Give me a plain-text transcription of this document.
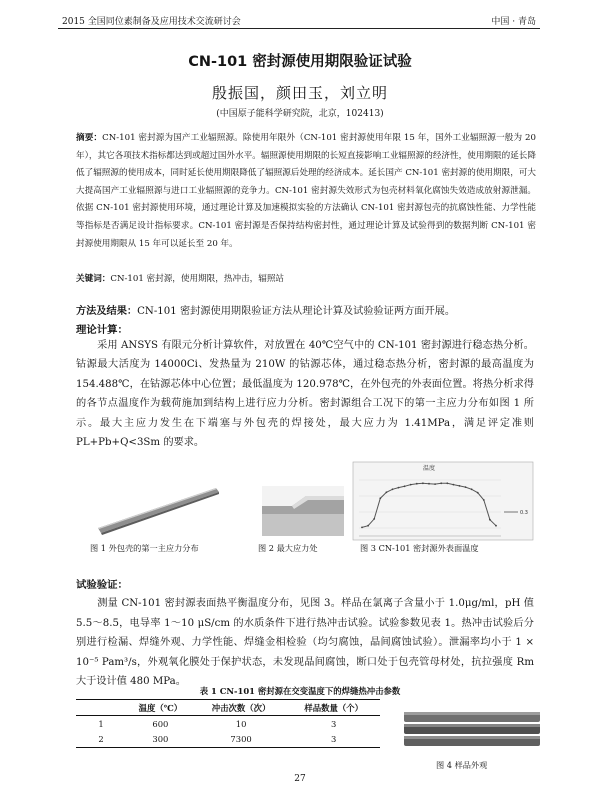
2015 全国同位素制备及应用技术交流研讨会	中国 · 青岛
CN-101 密封源使用期限验证试验
殷振国，颜田玉，刘立明
(中国原子能科学研究院，北京，102413)
摘要：CN-101 密封源为国产工业辐照源。除使用年限外（CN-101 密封源使用年限 15 年，国外工业辐照源一般为 20 年），其它各项技术指标都达到或超过国外水平。辐照源使用期限的长短直接影响工业辐照源的经济性，使用期限的延长降低了辐照源的使用成本，同时延长使用期限降低了辐照源后处理的经济成本。延长国产 CN-101 密封源的使用期限，可大大提高国产工业辐照源与进口工业辐照源的竞争力。CN-101 密封源失效形式为包壳材料氧化腐蚀失效造成放射源泄漏。依据 CN-101 密封源使用环境，通过理论计算及加速模拟实验的方法确认 CN-101 密封源包壳的抗腐蚀性能、力学性能等指标是否满足设计指标要求。CN-101 密封源是否保持结构密封性，通过理论计算及试验得到的数据判断 CN-101 密封源使用期限从 15 年可以延长至 20 年。
关键词：CN-101 密封源，使用期限，热冲击，辐照站
方法及结果：CN-101 密封源使用期限验证方法从理论计算及试验验证两方面开展。
理论计算：
采用 ANSYS 有限元分析计算软件，对放置在 40℃空气中的 CN-101 密封源进行稳态热分析。钴源最大活度为 14000Ci、发热量为 210W 的钴源芯体，通过稳态热分析，密封源的最高温度为 154.488℃，在钴源芯体中心位置；最低温度为 120.978℃，在外包壳的外表面位置。将热分析求得的各节点温度作为载荷施加到结构上进行应力分析。密封源组合工况下的第一主应力分布如图 1 所示。最大主应力发生在下端塞与外包壳的焊接处，最大应力为 1.41MPa，满足评定准则 PL+Pb+Q<3Sm 的要求。
温度
0.3
图 1 外包壳的第一主应力分布	图 2 最大应力处	图 3 CN-101 密封源外表面温度
试验验证：
测量 CN-101 密封源表面热平衡温度分布，见图 3。样品在氯离子含量小于 1.0μg/ml，pH 值 5.5～8.5，电导率 1～10 μS/cm 的水质条件下进行热冲击试验。试验参数见表 1。热冲击试验后分别进行检漏、焊缝外观、力学性能、焊缝金相检验（均匀腐蚀，晶间腐蚀试验）。泄漏率均小于 1 × 10⁻⁵ Pam³/s，外观氧化膜处于保护状态，未发现晶间腐蚀，断口处于包壳管母材处，抗拉强度 Rm 大于设计值 480 MPa。
表 1 CN-101 密封源在交变温度下的焊缝热冲击参数
	温度（℃）	冲击次数（次）	样品数量（个）
1	600	10	3
2	300	7300	3
图 4 样品外观
27
